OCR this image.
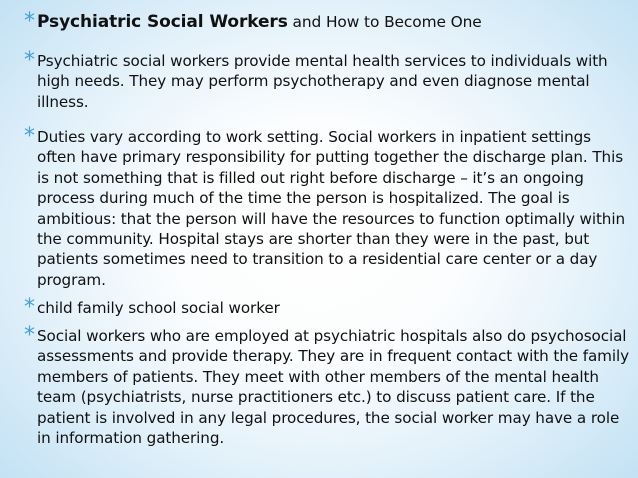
* Psychiatric Social Workers and How to Become One
* Psychiatric social workers provide mental health services to individuals with high needs. They may perform psychotherapy and even diagnose mental illness.
* Duties vary according to work setting. Social workers in inpatient settings often have primary responsibility for putting together the discharge plan. This is not something that is filled out right before discharge – it’s an ongoing process during much of the time the person is hospitalized. The goal is ambitious: that the person will have the resources to function optimally within the community. Hospital stays are shorter than they were in the past, but patients sometimes need to transition to a residential care center or a day program.
* child family school social worker
* Social workers who are employed at psychiatric hospitals also do psychosocial assessments and provide therapy. They are in frequent contact with the family members of patients. They meet with other members of the mental health team (psychiatrists, nurse practitioners etc.) to discuss patient care. If the patient is involved in any legal procedures, the social worker may have a role in information gathering.
